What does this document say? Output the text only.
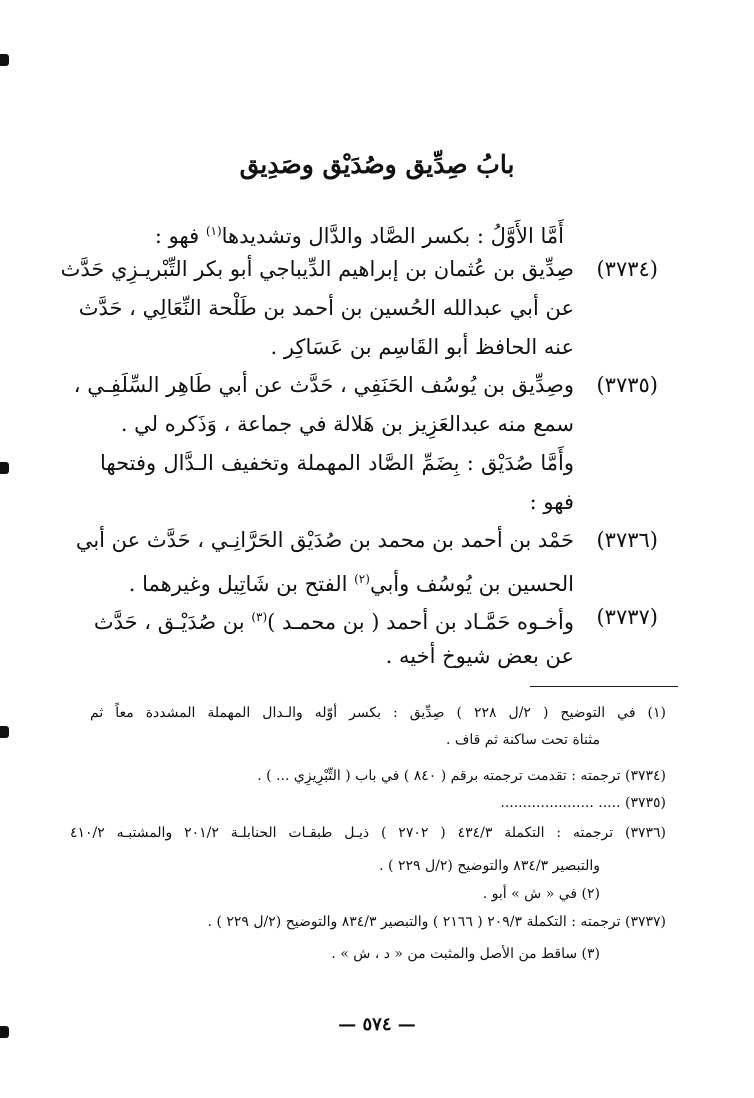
بابُ صِدِّيق وصُدَيْق وصَدِيق
أَمَّا الأَوَّلُ : بكسر الصَّاد والدَّال وتشديدها$^{(١)}$ فهو :
(٣٧٣٤)
صِدِّيق بن عُثمان بن إبراهيم الدِّيباجي أبو بكر التِّبْريـزِي حَدَّث
عن أبي عبدالله الحُسين بن أحمد بن طَلْحة النِّعَالِي ، حَدَّث
عنه الحافظ أبو القَاسِم بن عَسَاكِر .
(٣٧٣٥)
وصِدِّيق بن يُوسُف الحَنَفِي ، حَدَّث عن أبي طَاهِر السِّلَفِـي ،
سمع منه عبدالعَزِيز بن هَلالة في جماعة ، وَذَكره لي .
وأَمَّا صُدَيْق : بِضَمِّ الصَّاد المهملة وتخفيف الـدَّال وفتحها
فهو :
(٣٧٣٦)
حَمْد بن أحمد بن محمد بن صُدَيْق الحَرَّانِـي ، حَدَّث عن أبي
الحسين بن يُوسُف وأبي$^{(٢)}$ الفتح بن شَاتِيل وغيرهما .
(٣٧٣٧)
وأخـوه حَمَّـاد بن أحمد ( بن محمـد )$^{(٣)}$ بن صُدَيْـق ، حَدَّث
عن بعض شيوخ أخيه .
(١) في التوضيح ( ٢/ل ٢٢٨ ) صِدِّيق : بكسر أوّله والـدال المهملة المشددة معاً ثم
مثناة تحت ساكنة ثم قاف .
(٣٧٣٤) ترجمته : تقدمت ترجمته برقم ( ٨٤٠ ) في باب ( التِّبْرِيزِي ... ) .
(٣٧٣٥) ..... .....................
(٣٧٣٦) ترجمته : التكملة ٤٣٤/٣ ( ٢٧٠٢ ) ذيـل طبقـات الحنابلـة ٢٠١/٢ والمشتبـه ٤١٠/٢
والتبصير ٨٣٤/٣ والتوضيح (٢/ل ٢٢٩ ) .
(٢) في « ش » أبو .
(٣٧٣٧) ترجمته : التكملة ٢٠٩/٣ ( ٢١٦٦ ) والتبصير ٨٣٤/٣ والتوضيح (٢/ل ٢٢٩ ) .
(٣) ساقط من الأصل والمثبت من « د ، ش » .
— ٥٧٤ —
